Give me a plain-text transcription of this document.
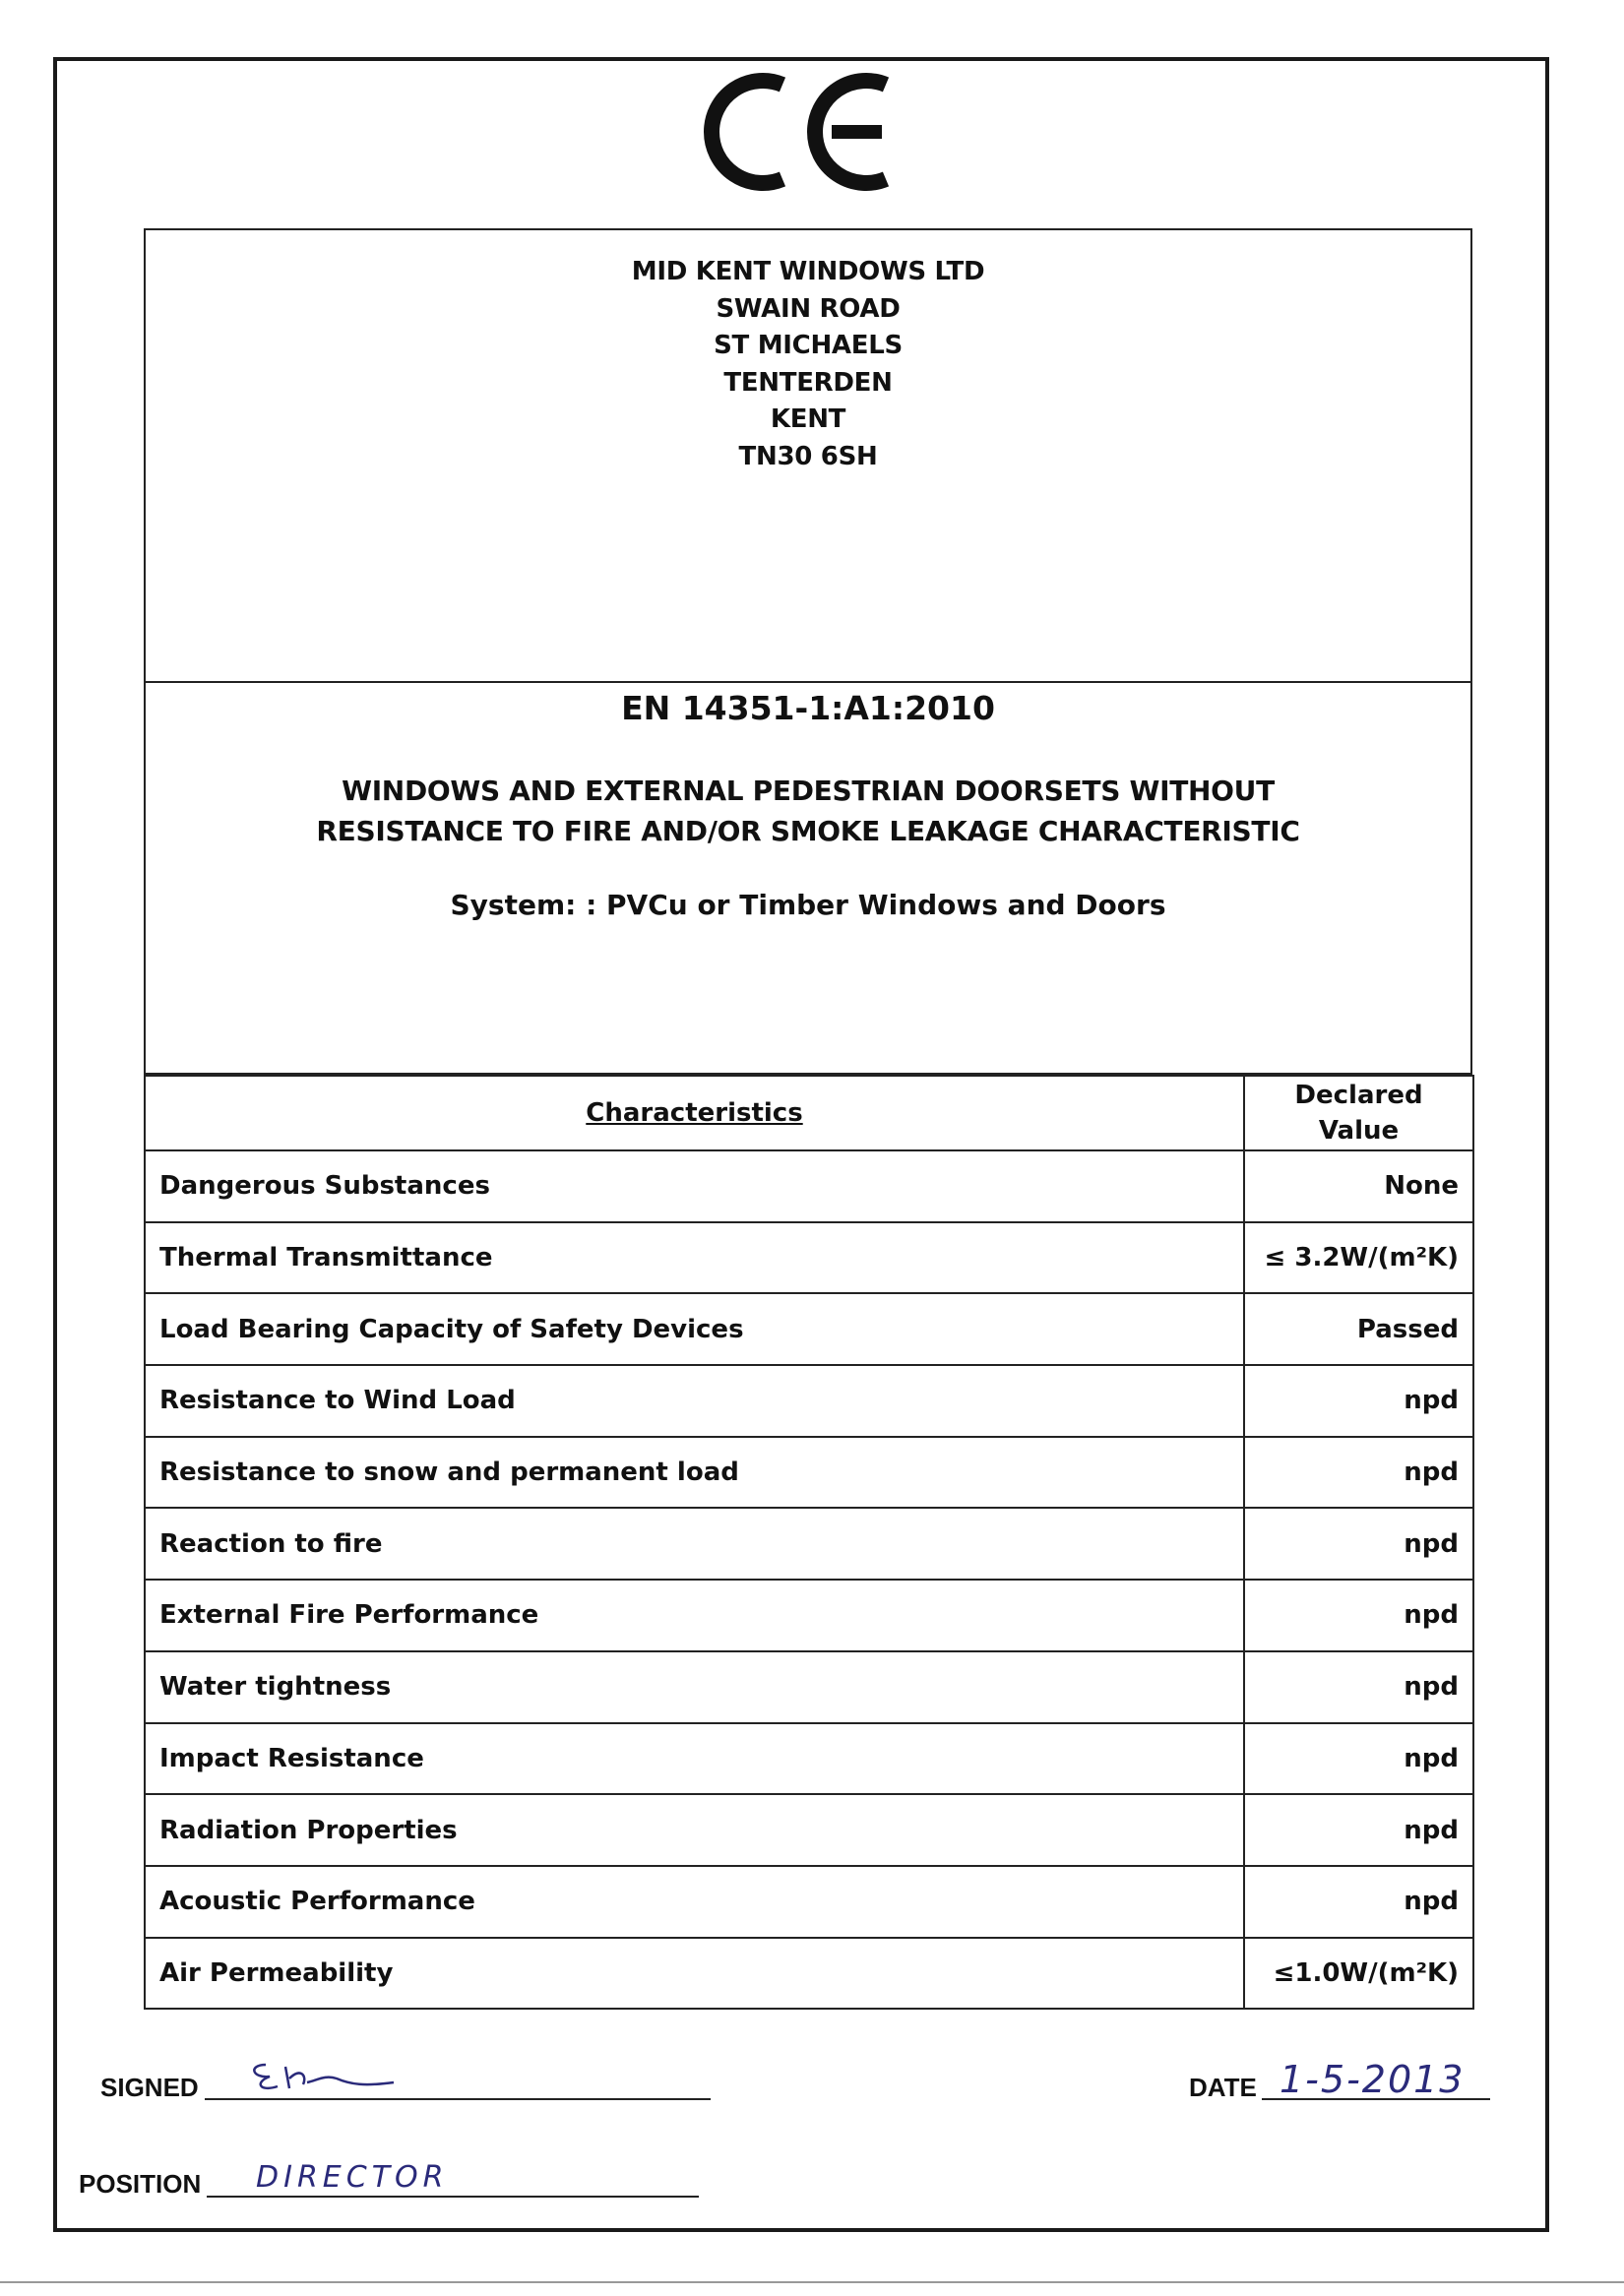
MID KENT WINDOWS LTD
SWAIN ROAD
ST MICHAELS
TENTERDEN
KENT
TN30 6SH
EN 14351-1:A1:2010
WINDOWS AND EXTERNAL PEDESTRIAN DOORSETS WITHOUT
RESISTANCE TO FIRE AND/OR SMOKE LEAKAGE CHARACTERISTIC
System: : PVCu or Timber Windows and Doors
Characteristics	Declared
Value
Dangerous Substances	None
Thermal Transmittance	≤ 3.2W/(m²K)
Load Bearing Capacity of Safety Devices	Passed
Resistance to Wind Load	npd
Resistance to snow and permanent load	npd
Reaction to fire	npd
External Fire Performance	npd
Water tightness	npd
Impact Resistance	npd
Radiation Properties	npd
Acoustic Performance	npd
Air Permeability	≤1.0W/(m²K)
SIGNED	DATE 1-5-2013
POSITION DIRECTOR
